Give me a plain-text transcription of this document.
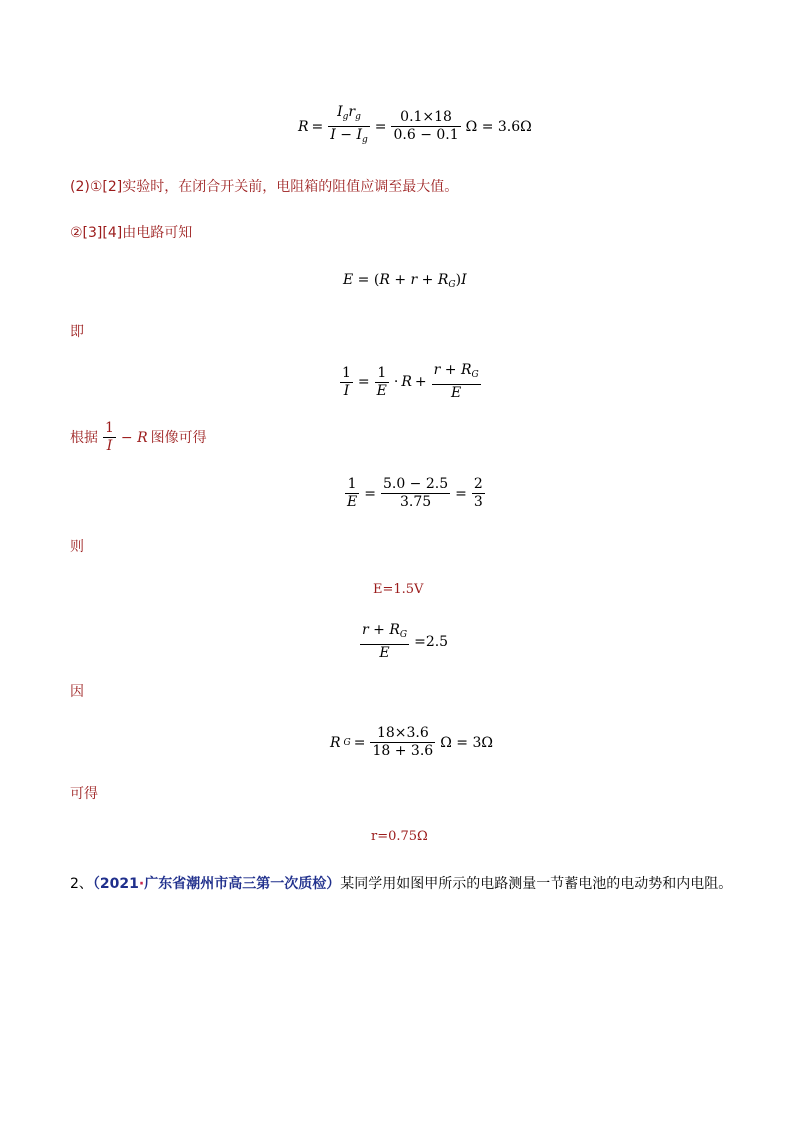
$R = \frac{I_gr_g}{I - I_g} = \frac{0.1\times 18}{0.6 - 0.1}$ Ω = 3.6Ω
(2)①[2]实验时，在闭合开关前，电阻箱的阻值应调至最大值。
②[3][4]由电路可知
$E = (R + r + R_G)I$
即
$\frac{1}{I} = \frac{1}{E} \cdot R + \frac{r + R_G}{E}$
根据 $\frac{1}{I} - R$ 图像可得
$\frac{1}{E} = \frac{5.0 - 2.5}{3.75} = \frac{2}{3}$
则
E=1.5V
$\frac{r + R_G}{E} =2.5$
因
R $G = \frac{18\times 3.6}{18 + 3.6}$ Ω = 3Ω
可得
r=0.75Ω
2、（2021·广东省潮州市高三第一次质检）某同学用如图甲所示的电路测量一节蓄电池的电动势和内电阻。
